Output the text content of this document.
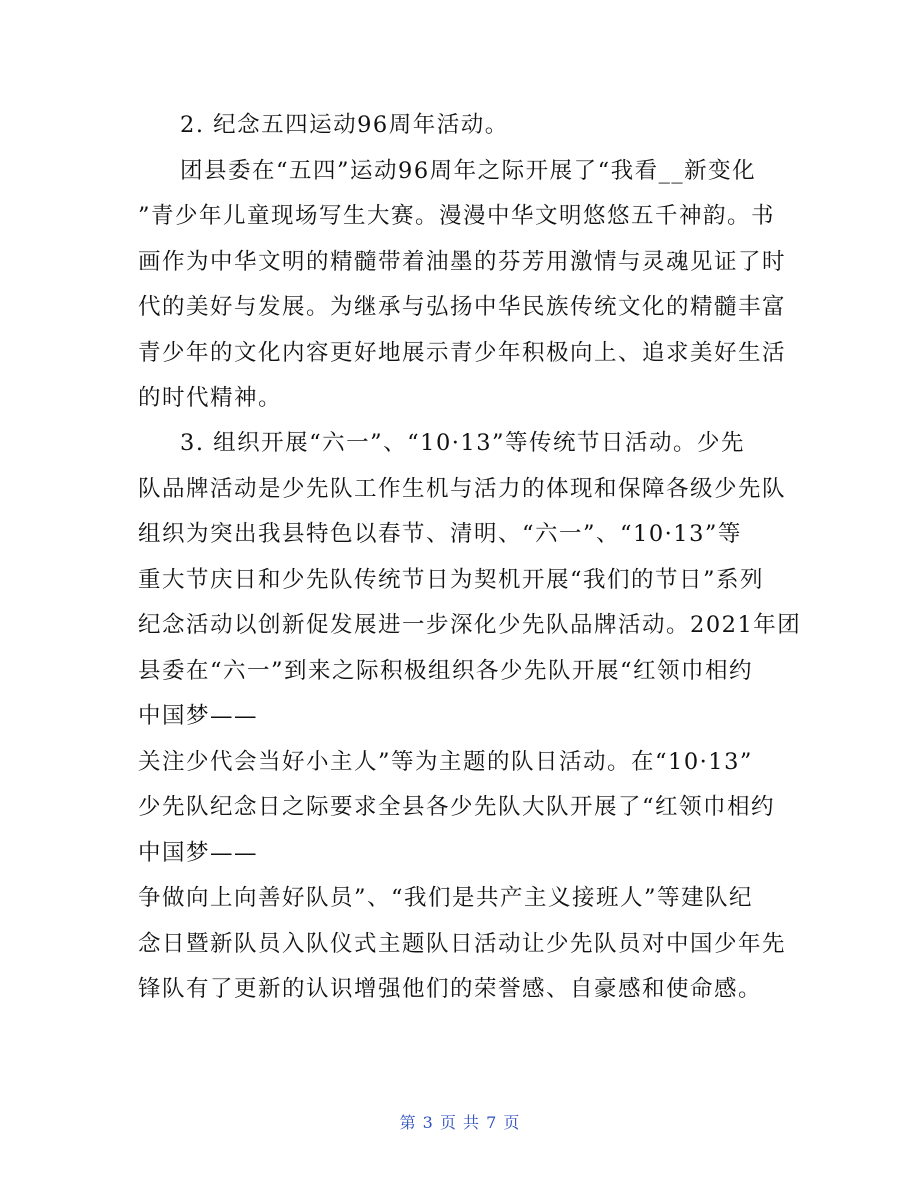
2. 纪念五四运动96周年活动。
团县委在“五四”运动96周年之际开展了“我看__新变化
”青少年儿童现场写生大赛。漫漫中华文明悠悠五千神韵。书
画作为中华文明的精髓带着油墨的芬芳用激情与灵魂见证了时
代的美好与发展。为继承与弘扬中华民族传统文化的精髓丰富
青少年的文化内容更好地展示青少年积极向上、追求美好生活
的时代精神。
3. 组织开展“六一”、“10·13”等传统节日活动。少先
队品牌活动是少先队工作生机与活力的体现和保障各级少先队
组织为突出我县特色以春节、清明、“六一”、“10·13”等
重大节庆日和少先队传统节日为契机开展“我们的节日”系列
纪念活动以创新促发展进一步深化少先队品牌活动。2021年团
县委在“六一”到来之际积极组织各少先队开展“红领巾相约
中国梦——
关注少代会当好小主人”等为主题的队日活动。在“10·13”
少先队纪念日之际要求全县各少先队大队开展了“红领巾相约
中国梦——
争做向上向善好队员”、“我们是共产主义接班人”等建队纪
念日暨新队员入队仪式主题队日活动让少先队员对中国少年先
锋队有了更新的认识增强他们的荣誉感、自豪感和使命感。
第 3 页 共 7 页
